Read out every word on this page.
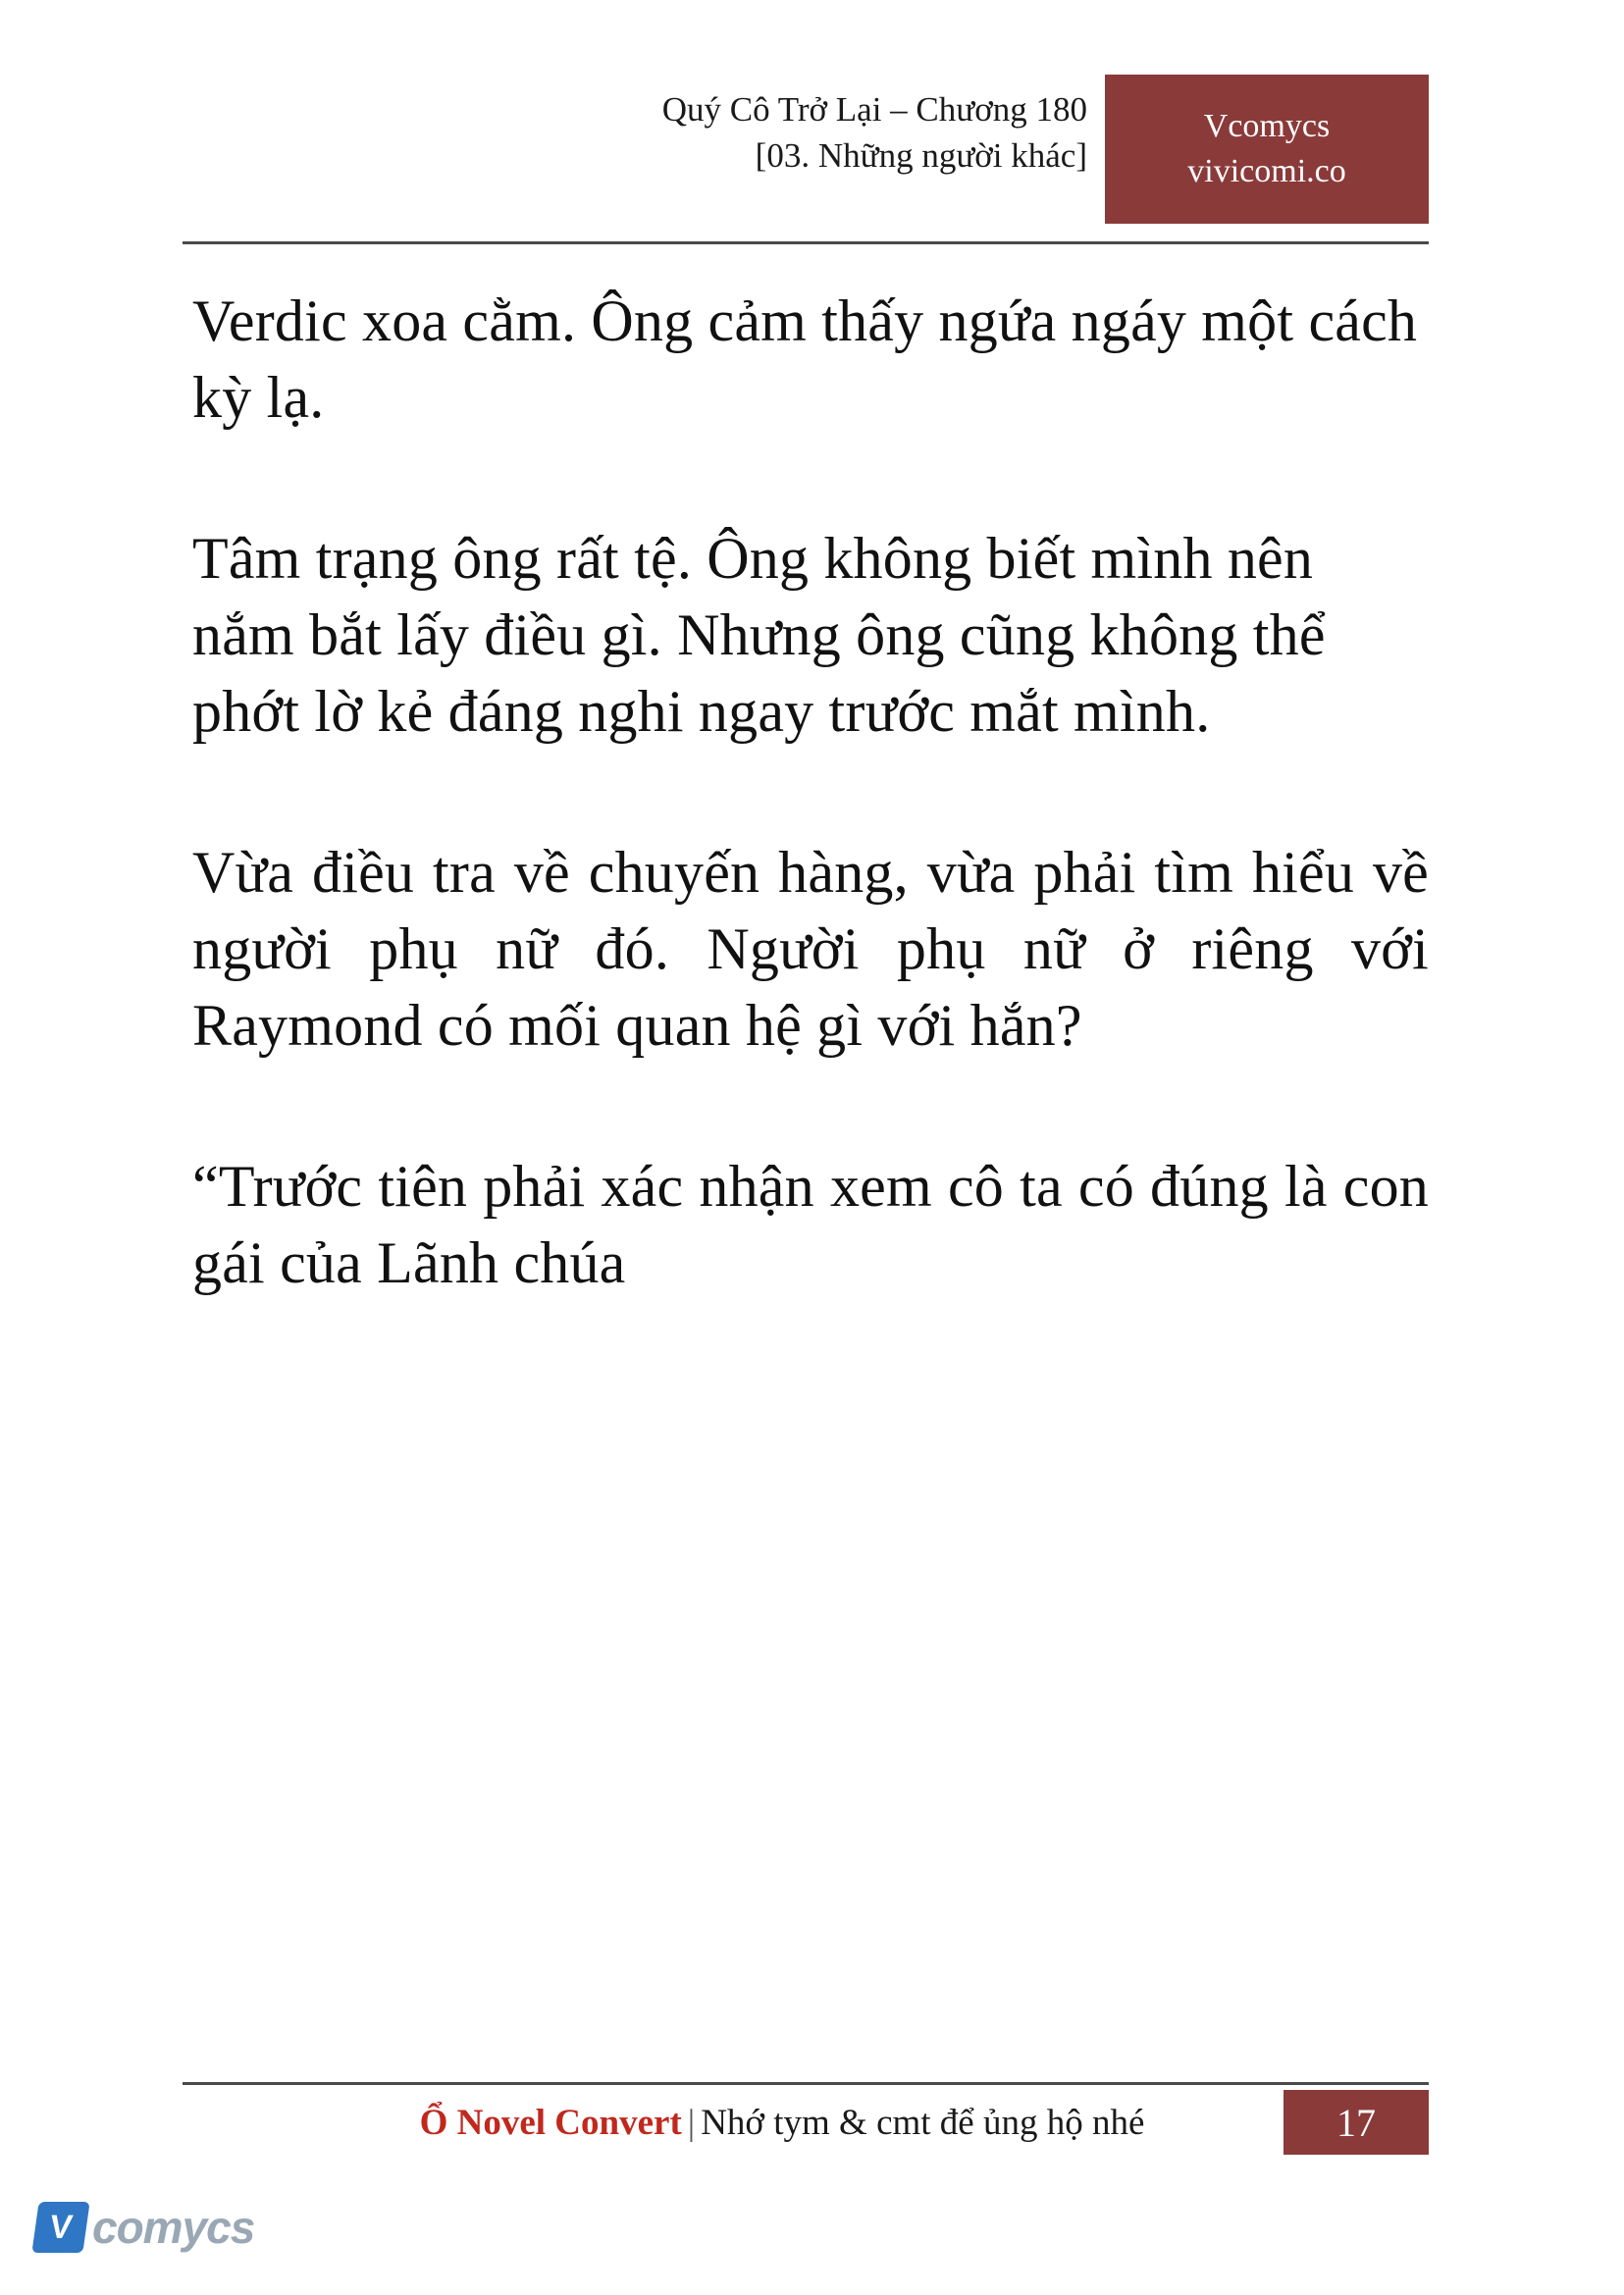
Quý Cô Trở Lại – Chương 180
[03. Những người khác]
Vcomycs
vivicomi.co

Verdic xoa cằm. Ông cảm thấy ngứa ngáy một cách kỳ lạ.

Tâm trạng ông rất tệ. Ông không biết mình nên nắm bắt lấy điều gì. Nhưng ông cũng không thể phớt lờ kẻ đáng nghi ngay trước mắt mình.

Vừa điều tra về chuyến hàng, vừa phải tìm hiểu về người phụ nữ đó. Người phụ nữ ở riêng với Raymond có mối quan hệ gì với hắn?

“Trước tiên phải xác nhận xem cô ta có đúng là con gái của Lãnh chúa

Ổ Novel Convert | Nhớ tym & cmt để ủng hộ nhé	17
V comycs
